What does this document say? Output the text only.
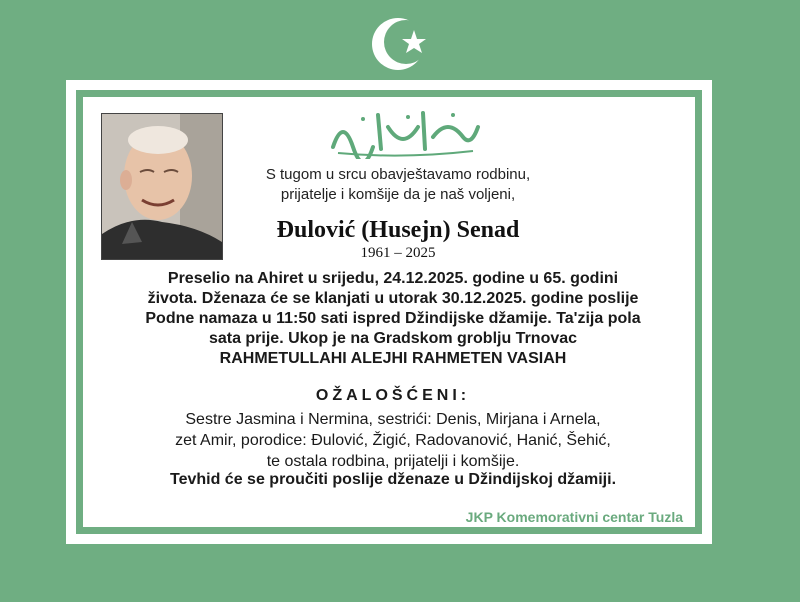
S tugom u srcu obavještavamo rodbinu,
prijatelje i komšije da je naš voljeni,
Đulović (Husejn) Senad
1961 – 2025
Preselio na Ahiret u srijedu, 24.12.2025. godine u 65. godini
života. Dženaza će se klanjati u utorak 30.12.2025. godine poslije
Podne namaza u 11:50 sati ispred Džindijske džamije. Ta'zija pola
sata prije. Ukop je na Gradskom groblju Trnovac
RAHMETULLAHI ALEJHI RAHMETEN VASIAH
OŽALOŠĆENI:
Sestre Jasmina i Nermina, sestrići: Denis, Mirjana i Arnela,
zet Amir, porodice: Đulović, Žigić, Radovanović, Hanić, Šehić,
te ostala rodbina, prijatelji i komšije.
Tevhid će se proučiti poslije dženaze u Džindijskoj džamiji.
JKP Komemorativni centar Tuzla
